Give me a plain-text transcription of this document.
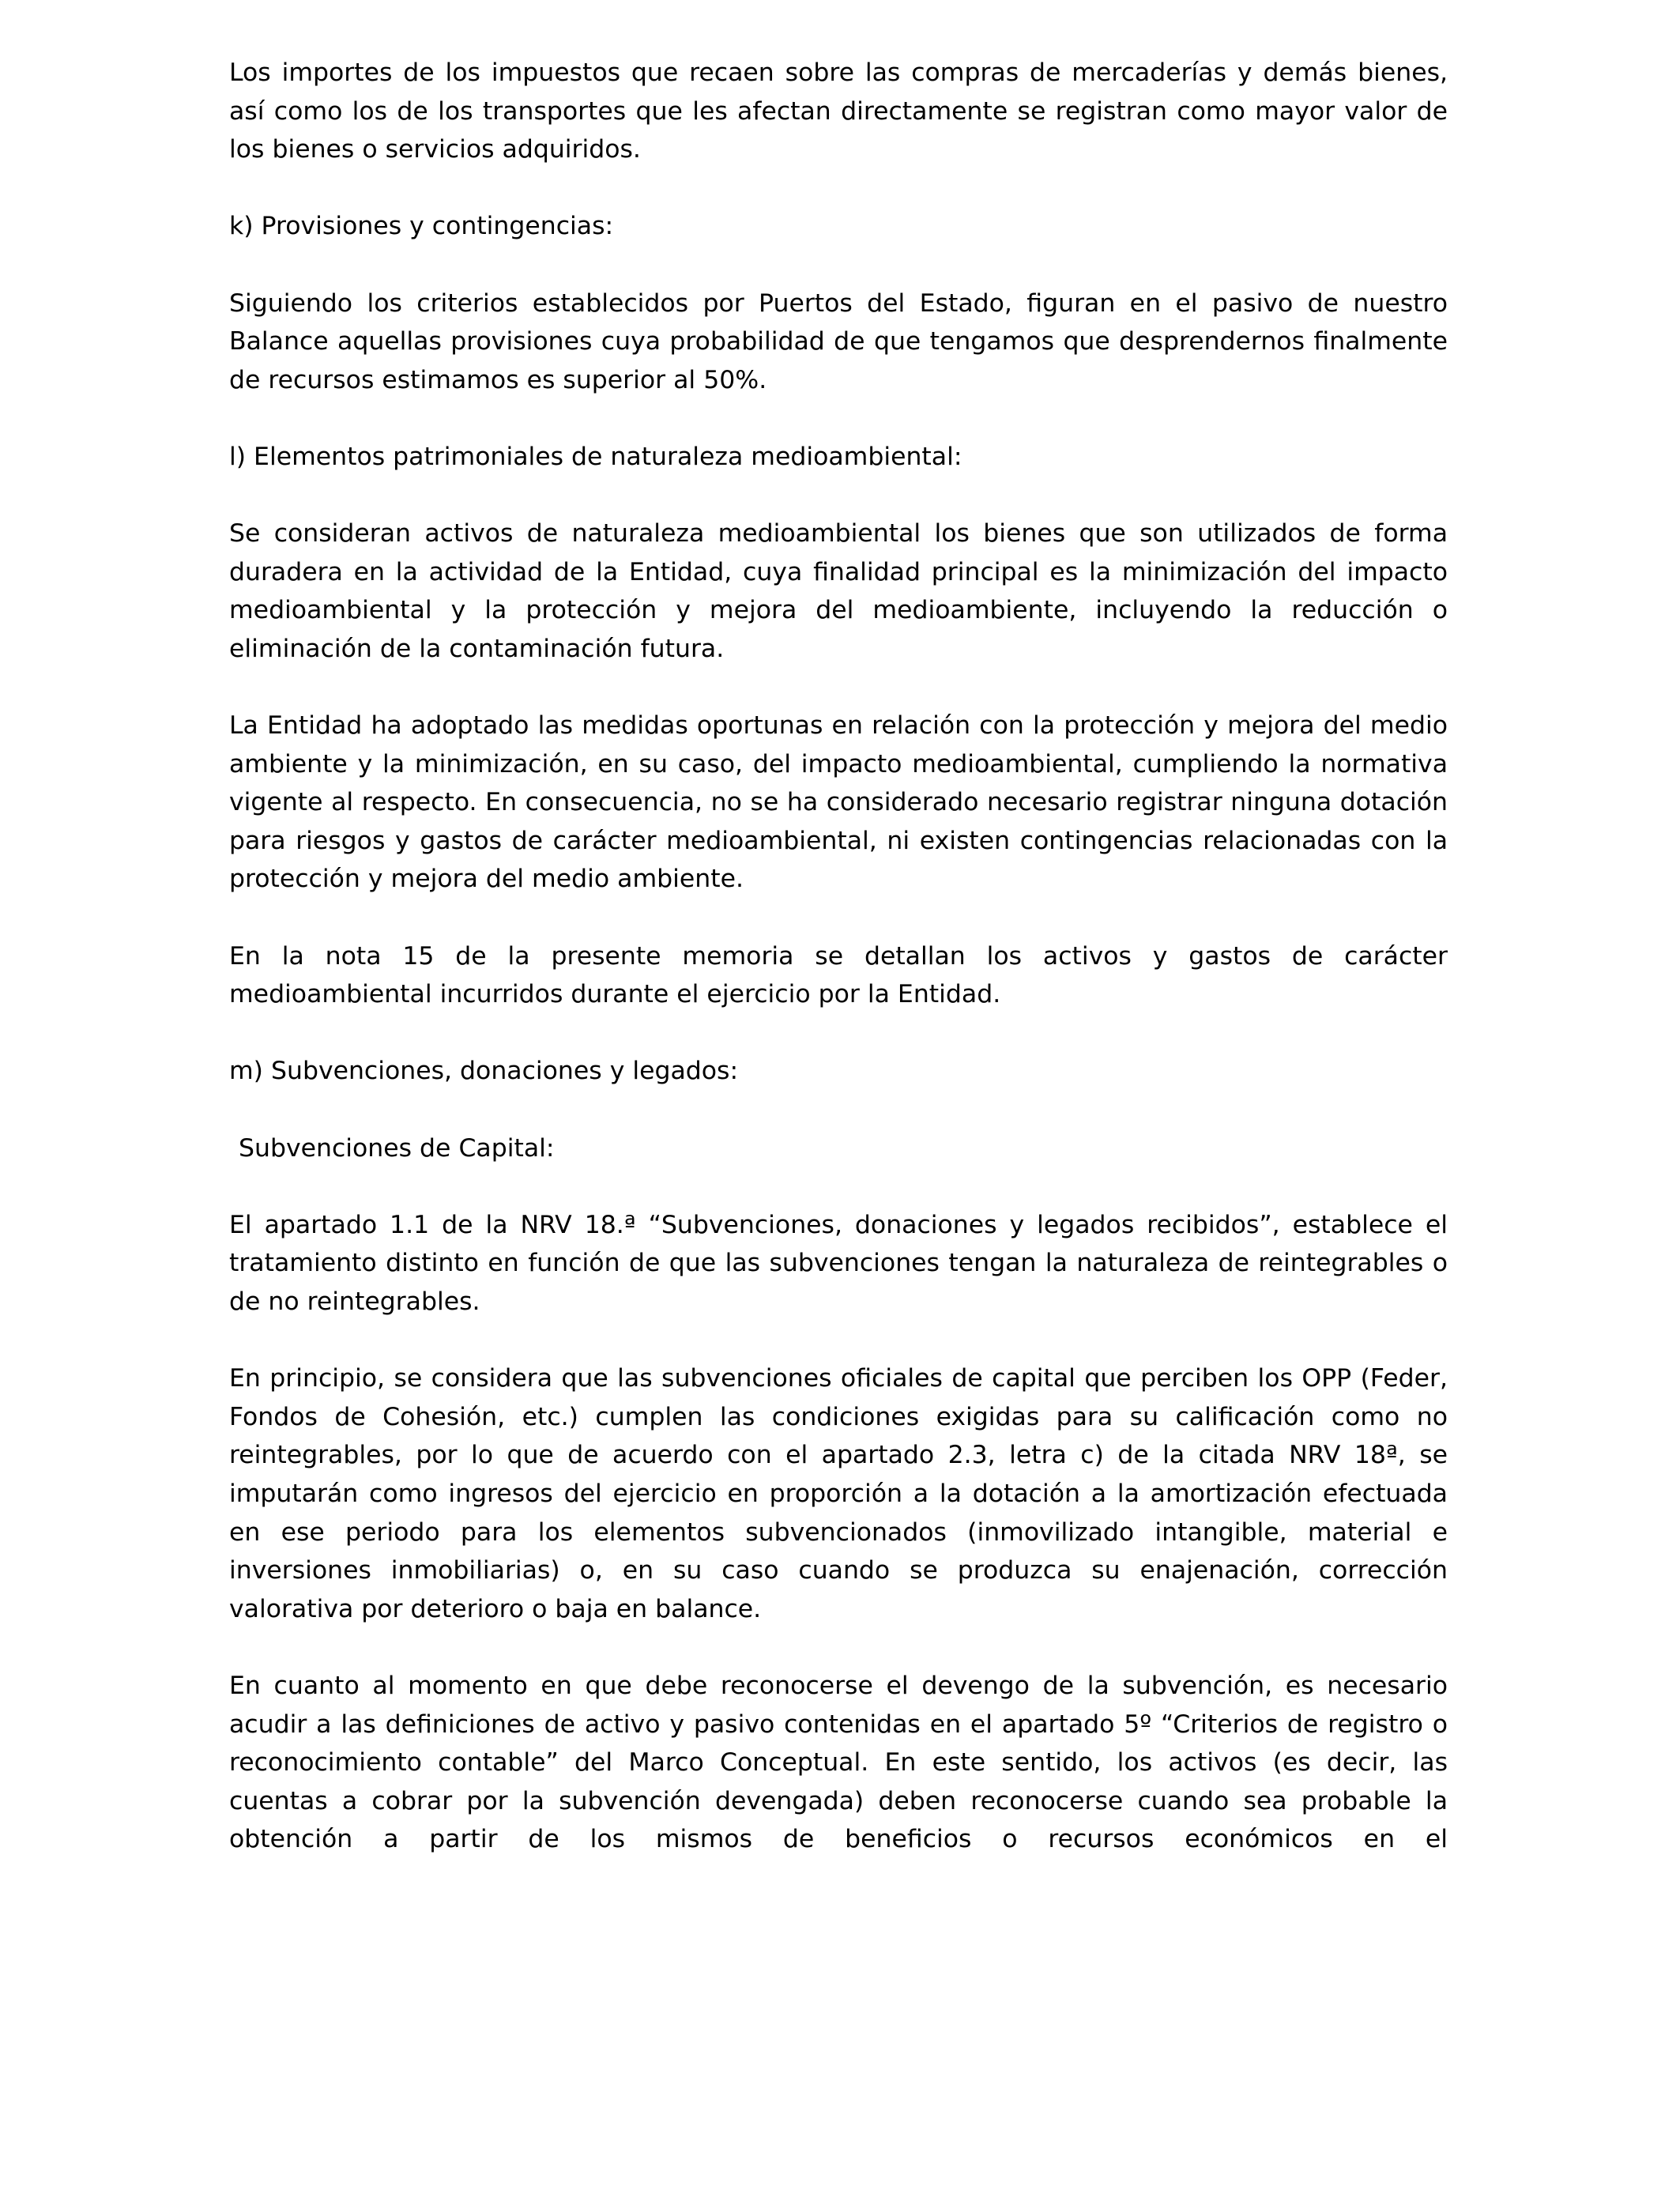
Los importes de los impuestos que recaen sobre las compras de mercaderías y demás bienes, así como los de los transportes que les afectan directamente se registran como mayor valor de los bienes o servicios adquiridos.

k) Provisiones y contingencias:

Siguiendo los criterios establecidos por Puertos del Estado, figuran en el pasivo de nuestro Balance aquellas provisiones cuya probabilidad de que tengamos que desprendernos finalmente de recursos estimamos es superior al 50%.

l) Elementos patrimoniales de naturaleza medioambiental:

Se consideran activos de naturaleza medioambiental los bienes que son utilizados de forma duradera en la actividad de la Entidad, cuya finalidad principal es la minimización del impacto medioambiental y la protección y mejora del medioambiente, incluyendo la reducción o eliminación de la contaminación futura.

La Entidad ha adoptado las medidas oportunas en relación con la protección y mejora del medio ambiente y la minimización, en su caso, del impacto medioambiental, cumpliendo la normativa vigente al respecto. En consecuencia, no se ha considerado necesario registrar ninguna dotación para riesgos y gastos de carácter medioambiental, ni existen contingencias relacionadas con la protección y mejora del medio ambiente.

En la nota 15 de la presente memoria se detallan los activos y gastos de carácter medioambiental incurridos durante el ejercicio por la Entidad.

m) Subvenciones, donaciones y legados:

Subvenciones de Capital:

El apartado 1.1 de la NRV 18.ª “Subvenciones, donaciones y legados recibidos”, establece el tratamiento distinto en función de que las subvenciones tengan la naturaleza de reintegrables o de no reintegrables.

En principio, se considera que las subvenciones oficiales de capital que perciben los OPP (Feder, Fondos de Cohesión, etc.) cumplen las condiciones exigidas para su calificación como no reintegrables, por lo que de acuerdo con el apartado 2.3, letra c) de la citada NRV 18ª, se imputarán como ingresos del ejercicio en proporción a la dotación a la amortización efectuada en ese periodo para los elementos subvencionados (inmovilizado intangible, material e inversiones inmobiliarias) o, en su caso cuando se produzca su enajenación, corrección valorativa por deterioro o baja en balance.

En cuanto al momento en que debe reconocerse el devengo de la subvención, es necesario acudir a las definiciones de activo y pasivo contenidas en el apartado 5º “Criterios de registro o reconocimiento contable” del Marco Conceptual. En este sentido, los activos (es decir, las cuentas a cobrar por la subvención devengada) deben reconocerse cuando sea probable la obtención a partir de los mismos de beneficios o recursos económicos en el
